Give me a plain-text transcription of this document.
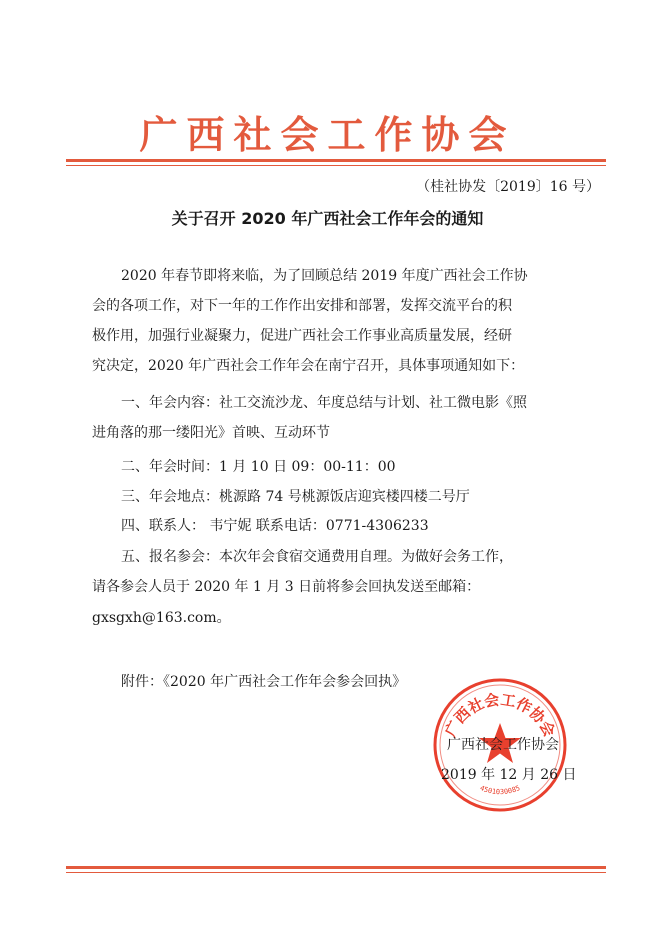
广西社会工作协会
（桂社协发〔2019〕16 号）
关于召开 2020 年广西社会工作年会的通知
2020 年春节即将来临，为了回顾总结 2019 年度广西社会工作协
会的各项工作，对下一年的工作作出安排和部署，发挥交流平台的积
极作用，加强行业凝聚力，促进广西社会工作事业高质量发展，经研
究决定，2020 年广西社会工作年会在南宁召开，具体事项通知如下：
一、年会内容：社工交流沙龙、年度总结与计划、社工微电影《照
进角落的那一缕阳光》首映、互动环节
二、年会时间：1 月 10 日 09：00-11：00
三、年会地点：桃源路 74 号桃源饭店迎宾楼四楼二号厅
四、联系人： 韦宁妮 联系电话：0771-4306233
五、报名参会：本次年会食宿交通费用自理。为做好会务工作，
请各参会人员于 2020 年 1 月 3 日前将参会回执发送至邮箱：
gxsgxh@163.com。
附件：《2020 年广西社会工作年会参会回执》
广西社会工作协会
4501030085
广西社会工作协会
2019 年 12 月 26 日
